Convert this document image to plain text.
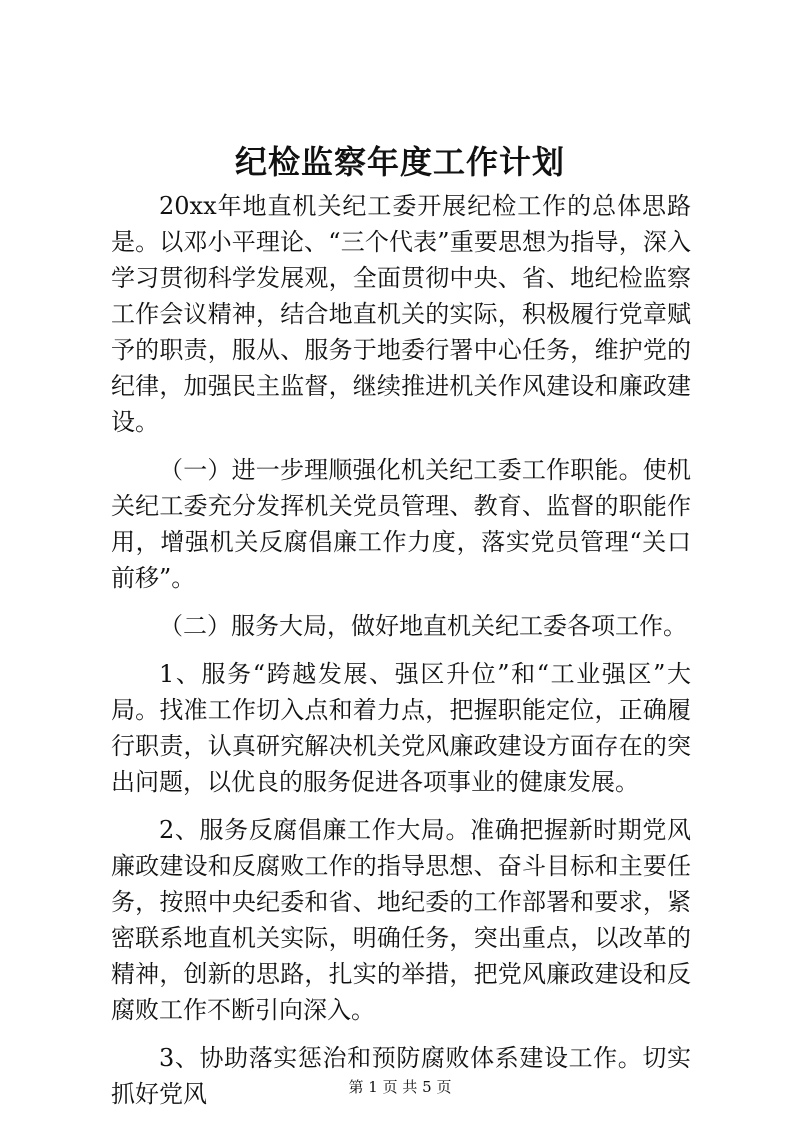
纪检监察年度工作计划

20xx年地直机关纪工委开展纪检工作的总体思路是。以邓小平理论、“三个代表”重要思想为指导，深入学习贯彻科学发展观，全面贯彻中央、省、地纪检监察工作会议精神，结合地直机关的实际，积极履行党章赋予的职责，服从、服务于地委行署中心任务，维护党的纪律，加强民主监督，继续推进机关作风建设和廉政建设。

（一）进一步理顺强化机关纪工委工作职能。使机关纪工委充分发挥机关党员管理、教育、监督的职能作用，增强机关反腐倡廉工作力度，落实党员管理“关口前移”。

（二）服务大局，做好地直机关纪工委各项工作。

1、服务“跨越发展、强区升位”和“工业强区”大局。找准工作切入点和着力点，把握职能定位，正确履行职责，认真研究解决机关党风廉政建设方面存在的突出问题，以优良的服务促进各项事业的健康发展。

2、服务反腐倡廉工作大局。准确把握新时期党风廉政建设和反腐败工作的指导思想、奋斗目标和主要任务，按照中央纪委和省、地纪委的工作部署和要求，紧密联系地直机关实际，明确任务，突出重点，以改革的精神，创新的思路，扎实的举措，把党风廉政建设和反腐败工作不断引向深入。

3、协助落实惩治和预防腐败体系建设工作。切实抓好党风	第 1 页 共 5 页
